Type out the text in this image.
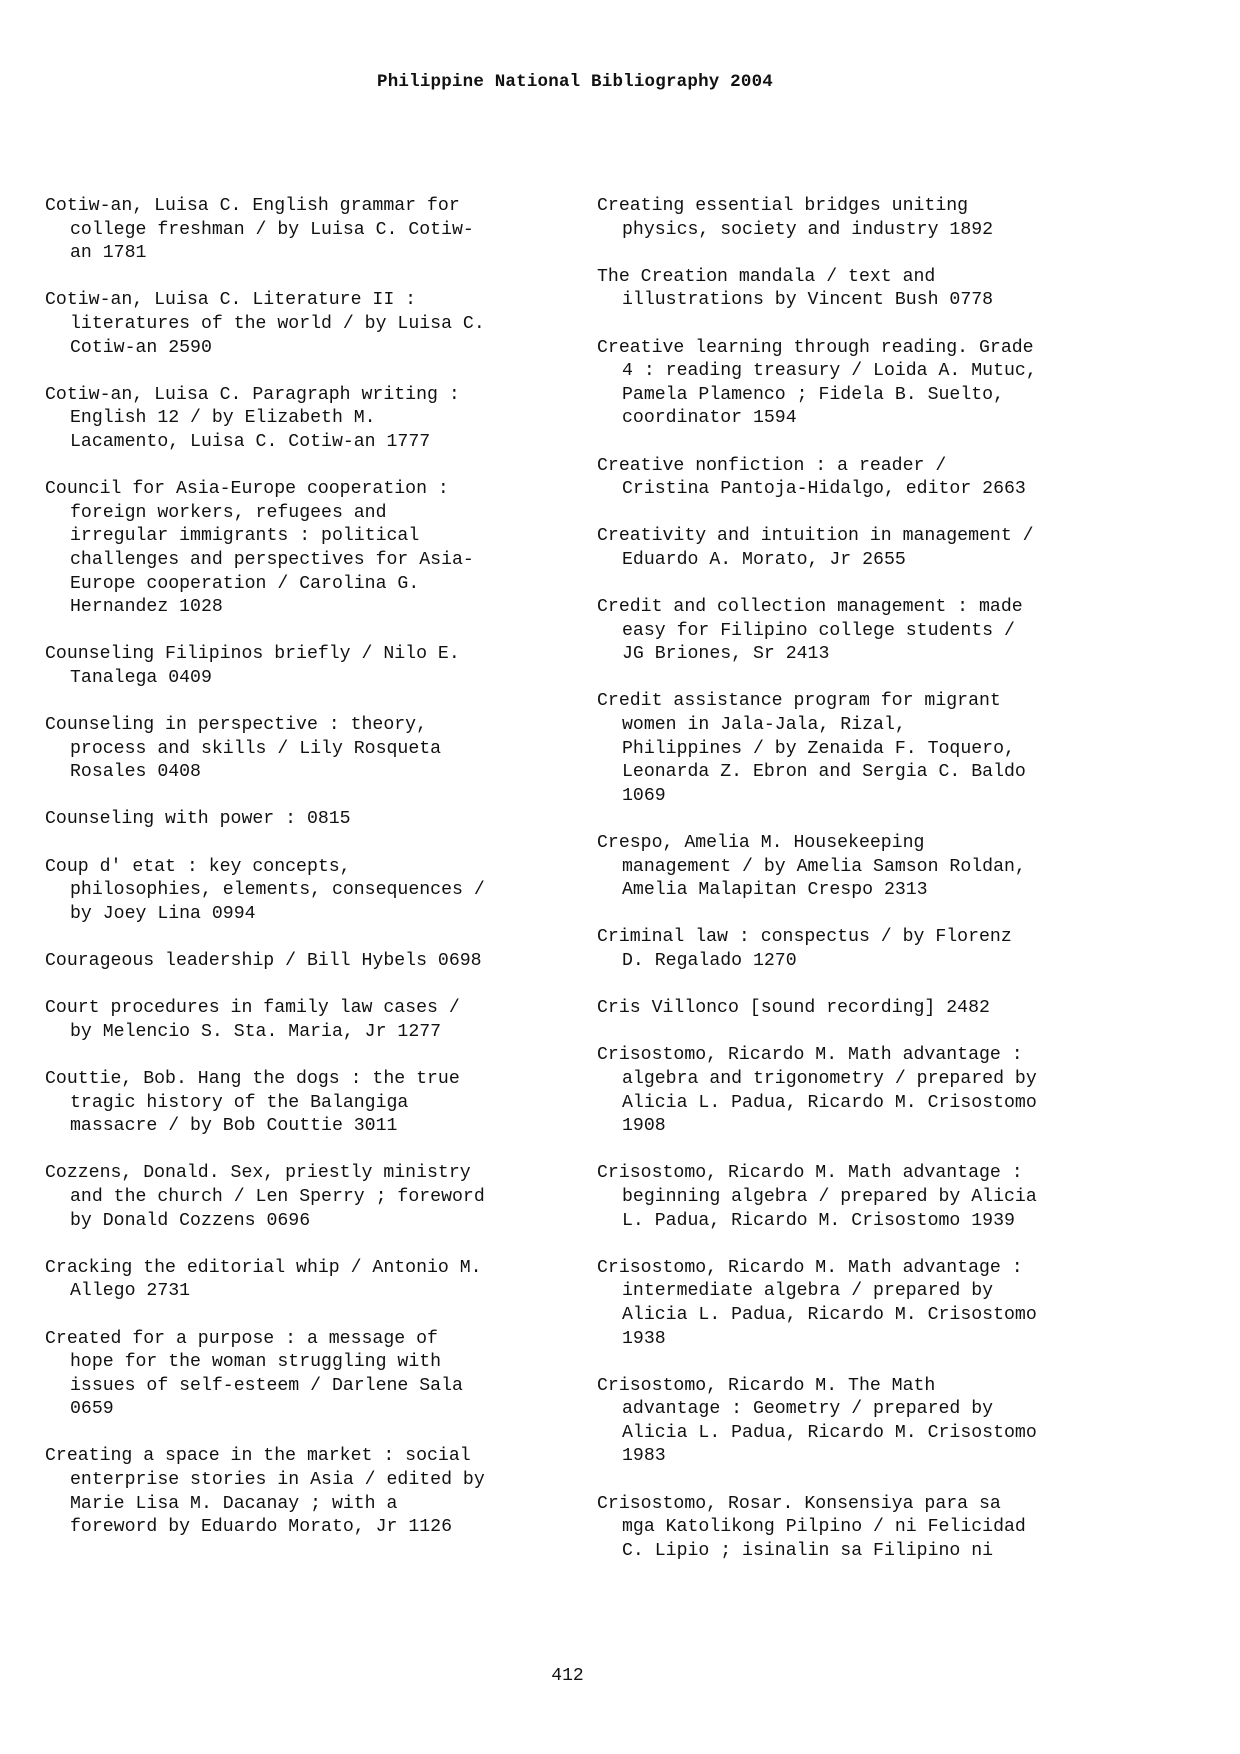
Philippine National Bibliography 2004
Cotiw-an, Luisa C. English grammar for
college freshman / by Luisa C. Cotiw-
an 1781
Cotiw-an, Luisa C. Literature II :
literatures of the world / by Luisa C.
Cotiw-an 2590
Cotiw-an, Luisa C. Paragraph writing :
English 12 / by Elizabeth M.
Lacamento, Luisa C. Cotiw-an 1777
Council for Asia-Europe cooperation :
foreign workers, refugees and
irregular immigrants : political
challenges and perspectives for Asia-
Europe cooperation / Carolina G.
Hernandez 1028
Counseling Filipinos briefly / Nilo E.
Tanalega 0409
Counseling in perspective : theory,
process and skills / Lily Rosqueta
Rosales 0408
Counseling with power : 0815
Coup d' etat : key concepts,
philosophies, elements, consequences /
by Joey Lina 0994
Courageous leadership / Bill Hybels 0698
Court procedures in family law cases /
by Melencio S. Sta. Maria, Jr 1277
Couttie, Bob. Hang the dogs : the true
tragic history of the Balangiga
massacre / by Bob Couttie 3011
Cozzens, Donald. Sex, priestly ministry
and the church / Len Sperry ; foreword
by Donald Cozzens 0696
Cracking the editorial whip / Antonio M.
Allego 2731
Created for a purpose : a message of
hope for the woman struggling with
issues of self-esteem / Darlene Sala
0659
Creating a space in the market : social
enterprise stories in Asia / edited by
Marie Lisa M. Dacanay ; with a
foreword by Eduardo Morato, Jr 1126
Creating essential bridges uniting
physics, society and industry 1892
The Creation mandala / text and
illustrations by Vincent Bush 0778
Creative learning through reading. Grade
4 : reading treasury / Loida A. Mutuc,
Pamela Plamenco ; Fidela B. Suelto,
coordinator 1594
Creative nonfiction : a reader /
Cristina Pantoja-Hidalgo, editor 2663
Creativity and intuition in management /
Eduardo A. Morato, Jr 2655
Credit and collection management : made
easy for Filipino college students /
JG Briones, Sr 2413
Credit assistance program for migrant
women in Jala-Jala, Rizal,
Philippines / by Zenaida F. Toquero,
Leonarda Z. Ebron and Sergia C. Baldo
1069
Crespo, Amelia M. Housekeeping
management / by Amelia Samson Roldan,
Amelia Malapitan Crespo 2313
Criminal law : conspectus / by Florenz
D. Regalado 1270
Cris Villonco [sound recording] 2482
Crisostomo, Ricardo M. Math advantage :
algebra and trigonometry / prepared by
Alicia L. Padua, Ricardo M. Crisostomo
1908
Crisostomo, Ricardo M. Math advantage :
beginning algebra / prepared by Alicia
L. Padua, Ricardo M. Crisostomo 1939
Crisostomo, Ricardo M. Math advantage :
intermediate algebra / prepared by
Alicia L. Padua, Ricardo M. Crisostomo
1938
Crisostomo, Ricardo M. The Math
advantage : Geometry / prepared by
Alicia L. Padua, Ricardo M. Crisostomo
1983
Crisostomo, Rosar. Konsensiya para sa
mga Katolikong Pilpino / ni Felicidad
C. Lipio ; isinalin sa Filipino ni
412
